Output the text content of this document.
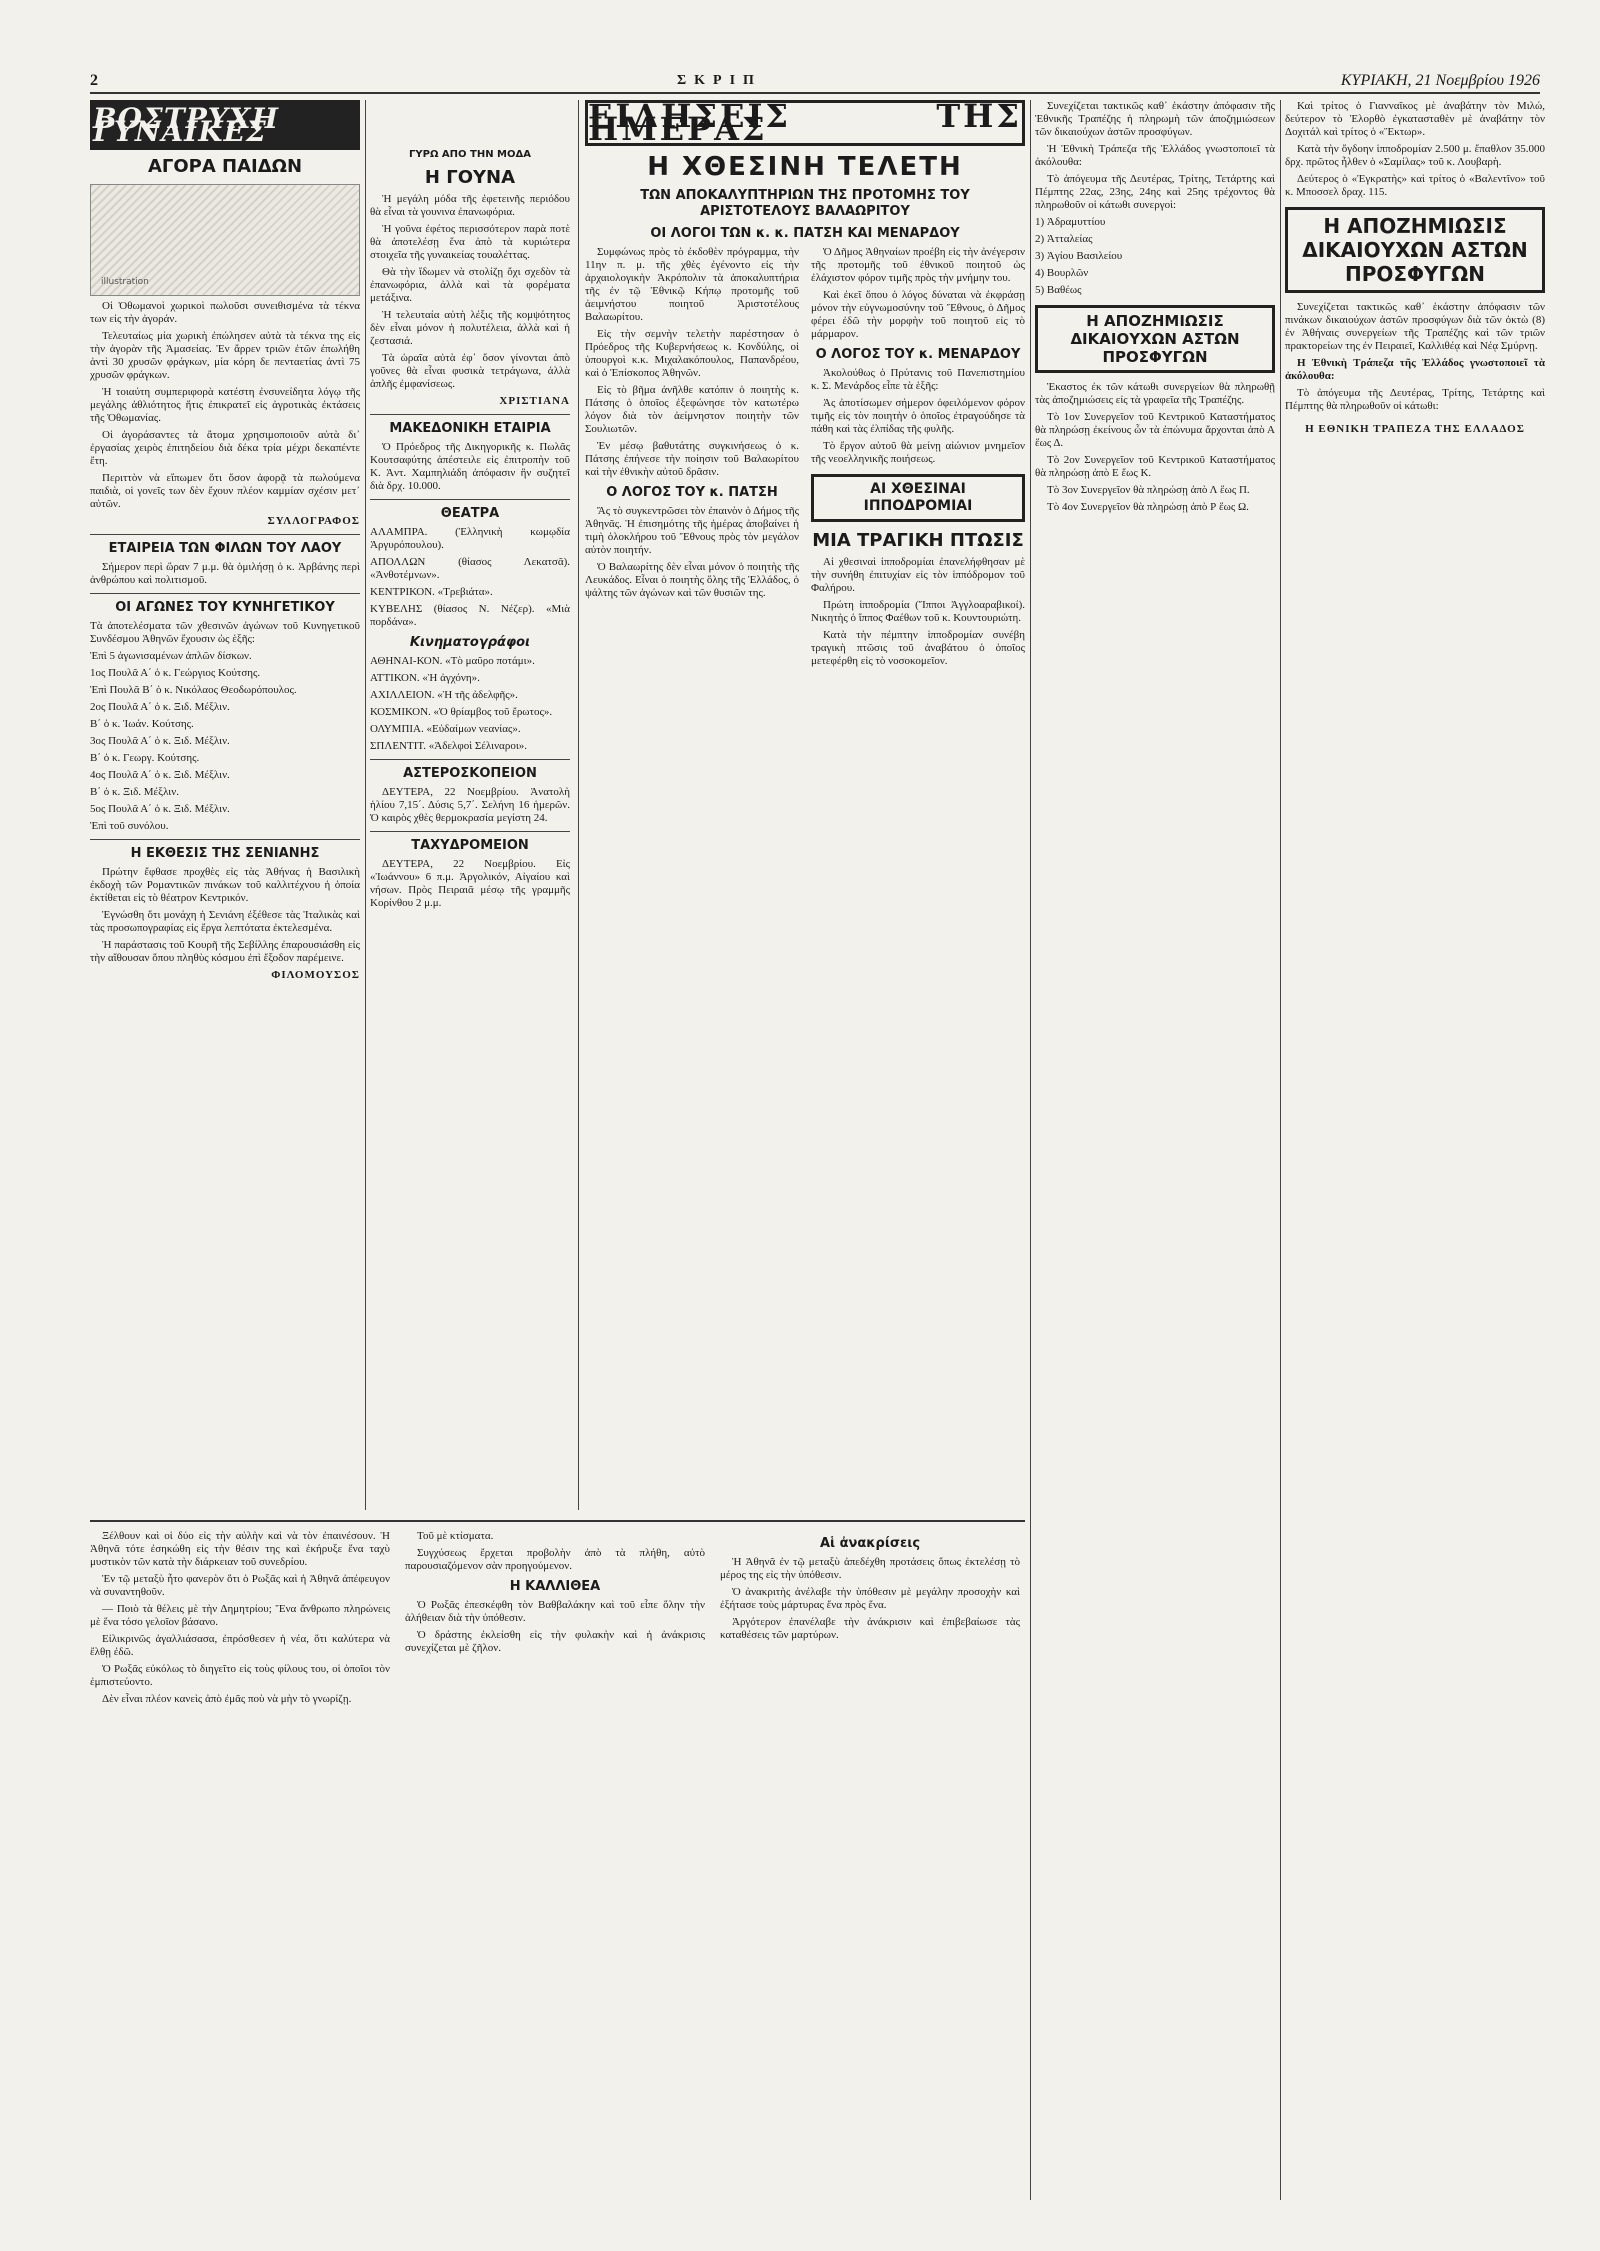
2	ΣΚΡΙΠ	ΚΥΡΙΑΚΗ, 21 Νοεμβρίου 1926
ΒΟΣΤΡΥΧΗ ΓΥΝΑΙΚΕΣ
ΑΓΟΡΑ ΠΑΙΔΩΝ
illustration

Οἱ Ὀθωμανοὶ χωρικοὶ πωλοῦσι συνειθισμένα τὰ τέκνα των εἰς τὴν ἀγοράν.

Τελευταίως μία χωρικὴ ἐπώλησεν αὐτὰ τὰ τέκνα της εἰς τὴν ἀγορὰν τῆς Ἀμασείας. Ἐν ἄρρεν τριῶν ἐτῶν ἐπωλήθη ἀντὶ 30 χρυσῶν φράγκων, μία κόρη δε πενταετίας ἀντὶ 75 χρυσῶν φράγκων.

Ἡ τοιαύτη συμπεριφορὰ κατέστη ἐνσυνείδητα λόγῳ τῆς μεγάλης ἀθλιότητος ἥτις ἐπικρατεῖ εἰς ἀγροτικὰς ἐκτάσεις τῆς Ὀθωμανίας.

Οἱ ἀγοράσαντες τὰ ἄτομα χρησιμοποιοῦν αὐτὰ δι᾽ ἐργασίας χειρὸς ἐπιτηδείου διὰ δέκα τρία μέχρι δεκαπέντε ἔτη.

Περιττὸν νὰ εἴπωμεν ὅτι ὅσον ἀφορᾷ τὰ πωλούμενα παιδιὰ, οἱ γονεῖς των δὲν ἔχουν πλέον καμμίαν σχέσιν μετ᾽ αὐτῶν.

ΣΥΛΛΟΓΡΑΦΟΣ
ΕΤΑΙΡΕΙΑ ΤΩΝ ΦΙΛΩΝ ΤΟΥ ΛΑΟΥ

Σήμερον περὶ ὥραν 7 μ.μ. θὰ ὁμιλήσῃ ὁ κ. Ἀρβάνης περὶ ἀνθρώπου καὶ πολιτισμοῦ.

ΟΙ ΑΓΩΝΕΣ ΤΟΥ ΚΥΝΗΓΕΤΙΚΟΥ

Τὰ ἀποτελέσματα τῶν χθεσινῶν ἀγώνων τοῦ Κυνηγετικοῦ Συνδέσμου Ἀθηνῶν ἔχουσιν ὡς ἑξῆς:

Ἐπὶ 5 ἀγωνισαμένων ἀπλῶν δίσκων.

1ος Πουλᾶ Α΄ ὁ κ. Γεώργιος Κούτσης.

Ἐπὶ Πουλᾶ Β΄ ὁ κ. Νικόλαος Θεοδωρόπουλος.

2ος Πουλᾶ Α΄ ὁ κ. Ξιδ. Μέξλιν.

Β΄ ὁ κ. Ἰωάν. Κούτσης.

3ος Πουλᾶ Α΄ ὁ κ. Ξιδ. Μέξλιν.

Β΄ ὁ κ. Γεωργ. Κούτσης.

4ος Πουλᾶ Α΄ ὁ κ. Ξιδ. Μέξλιν.

Β΄ ὁ κ. Ξιδ. Μέξλιν.

5ος Πουλᾶ Α΄ ὁ κ. Ξιδ. Μέξλιν.

Ἐπὶ τοῦ συνόλου.

Η ΕΚΘΕΣΙΣ ΤΗΣ ΣΕΝΙΑΝΗΣ

Πρώτην ἔφθασε προχθὲς εἰς τὰς Ἀθήνας ἡ Βασιλικὴ ἐκδοχὴ τῶν Ρομαντικῶν πινάκων τοῦ καλλιτέχνου ἡ ὁποία ἐκτίθεται εἰς τὸ θέατρον Κεντρικόν.

Ἐγνώσθη ὅτι μονάχη ἡ Σενιάνη ἐξέθεσε τὰς Ἰταλικὰς καὶ τὰς προσωπογραφίας εἰς ἔργα λεπτότατα ἐκτελεσμένα.

Ἡ παράστασις τοῦ Κουρῆ τῆς Σεβίλλης ἐπαρουσιάσθη εἰς τὴν αἴθουσαν ὅπου πληθὺς κόσμου ἐπὶ ἔξοδον παρέμεινε.

ΦΙΛΟΜΟΥΣΟΣ
ΓΥΡΩ ΑΠΟ ΤΗΝ ΜΟΔΑ
Η ΓΟΥΝΑ

Ἡ μεγάλη μόδα τῆς ἐφετεινῆς περιόδου θὰ εἶναι τὰ γουνινα ἐπανωφόρια.

Ἡ γοῦνα ἐφέτος περισσότερον παρὰ ποτὲ θὰ ἀποτελέσῃ ἕνα ἀπὸ τὰ κυριώτερα στοιχεῖα τῆς γυναικείας τουαλέττας.

Θὰ τὴν ἴδωμεν νὰ στολίζῃ ὄχι σχεδὸν τὰ ἐπανωφόρια, ἀλλὰ καὶ τὰ φορέματα μετάξινα.

Ἡ τελευταία αὐτὴ λέξις τῆς κομψότητος δὲν εἶναι μόνον ἡ πολυτέλεια, ἀλλὰ καὶ ἡ ζεστασιά.

Τὰ ὡραῖα αὐτὰ ἐφ᾽ ὅσον γίνονται ἀπὸ γοῦνες θὰ εἶναι φυσικὰ τετράγωνα, ἀλλὰ ἀπλῆς ἐμφανίσεως.

ΧΡΙΣΤΙΑΝΑ
ΜΑΚΕΔΟΝΙΚΗ ΕΤΑΙΡΙΑ

Ὁ Πρόεδρος τῆς Δικηγορικῆς κ. Πωλᾶς Κουτσαφύτης ἀπέστειλε εἰς ἐπιτροπὴν τοῦ Κ. Ἀντ. Χαμπηλιάδη ἀπόφασιν ἣν συζητεῖ διὰ δρχ. 10.000.

ΘΕΑΤΡΑ

ΑΛΑΜΠΡΑ. (Ἑλληνικὴ κωμῳδία Ἀργυρόπουλου).

ΑΠΟΛΛΩΝ (θίασος Λεκατσᾶ). «Ἀνθοτέμνων».

ΚΕΝΤΡΙΚΟΝ. «Τρεβιάτα».

ΚΥΒΕΛΗΣ (θίασος Ν. Νέζερ). «Μιὰ πορδάνα».

Κινηματογράφοι

ΑΘΗΝΑΙ-ΚΟΝ. «Τὸ μαῦρο ποτάμι».

ΑΤΤΙΚΟΝ. «Ἡ ἀγχόνη».

ΑΧΙΛΛΕΙΟΝ. «Ἡ τῆς ἀδελφῆς».

ΚΟΣΜΙΚΟΝ. «Ὁ θρίαμβος τοῦ ἔρωτος».

ΟΛΥΜΠΙΑ. «Εὐδαίμων νεανίας».

ΣΠΛΕΝΤΙΤ. «Ἀδελφοὶ Σέλιναροι».

ΑΣΤΕΡΟΣΚΟΠΕΙΟΝ

ΔΕΥΤΕΡΑ, 22 Νοεμβρίου. Ἀνατολὴ ἡλίου 7,15΄. Δύσις 5,7΄. Σελήνη 16 ἡμερῶν. Ὁ καιρὸς χθὲς θερμοκρασία μεγίστη 24.

ΤΑΧΥΔΡΟΜΕΙΟΝ

ΔΕΥΤΕΡΑ, 22 Νοεμβρίου. Εἰς «Ἰωάννου» 6 π.μ. Ἀργολικόν, Αἰγαίου καὶ νήσων. Πρὸς Πειραιᾶ μέσῳ τῆς γραμμῆς Κορίνθου 2 μ.μ.

ΕΙΔΗΣΕΙΣ ΤΗΣ ΗΜΕΡΑΣ
Η ΧΘΕΣΙΝΗ ΤΕΛΕΤΗ
ΤΩΝ ΑΠΟΚΑΛΥΠΤΗΡΙΩΝ ΤΗΣ ΠΡΟΤΟΜΗΣ ΤΟΥ ΑΡΙΣΤΟΤΕΛΟΥΣ ΒΑΛΑΩΡΙΤΟΥ
ΟΙ ΛΟΓΟΙ ΤΩΝ κ. κ. ΠΑΤΣΗ ΚΑΙ ΜΕΝΑΡΔΟΥ

Συμφώνως πρὸς τὸ ἐκδοθὲν πρόγραμμα, τὴν 11ην π. μ. τῆς χθὲς ἐγένοντο εἰς τὴν ἀρχαιολογικὴν Ἀκρόπολιν τὰ ἀποκαλυπτήρια τῆς ἐν τῷ Ἐθνικῷ Κήπῳ προτομῆς τοῦ ἀειμνήστου ποιητοῦ Ἀριστοτέλους Βαλαωρίτου.

Εἰς τὴν σεμνὴν τελετὴν παρέστησαν ὁ Πρόεδρος τῆς Κυβερνήσεως κ. Κονδύλης, οἱ ὑπουργοὶ κ.κ. Μιχαλακόπουλος, Παπανδρέου, καὶ ὁ Ἐπίσκοπος Ἀθηνῶν.

Εἰς τὸ βῆμα ἀνῆλθε κατόπιν ὁ ποιητὴς κ. Πάτσης ὁ ὁποῖος ἐξεφώνησε τὸν κατωτέρω λόγον διὰ τὸν ἀείμνηστον ποιητὴν τῶν Σουλιωτῶν.

Ἐν μέσῳ βαθυτάτης συγκινήσεως ὁ κ. Πάτσης ἐπήνεσε τὴν ποίησιν τοῦ Βαλαωρίτου καὶ τὴν ἐθνικὴν αὐτοῦ δρᾶσιν.

Ο ΛΟΓΟΣ ΤΟΥ κ. ΠΑΤΣΗ

Ἄς τὸ συγκεντρῶσει τὸν ἐπαινὸν ὁ Δήμος τῆς Ἀθηνᾶς. Ἡ ἐπισημότης τῆς ἡμέρας ἀποβαίνει ἡ τιμὴ ὁλοκλήρου τοῦ Ἔθνους πρὸς τὸν μεγάλον αὐτὸν ποιητήν.

Ὁ Βαλαωρίτης δὲν εἶναι μόνον ὁ ποιητὴς τῆς Λευκάδος. Εἶναι ὁ ποιητὴς ὅλης τῆς Ἑλλάδος, ὁ ψάλτης τῶν ἀγώνων καὶ τῶν θυσιῶν της.

Ὁ Δῆμος Ἀθηναίων προέβη εἰς τὴν ἀνέγερσιν τῆς προτομῆς τοῦ ἐθνικοῦ ποιητοῦ ὡς ἐλάχιστον φόρον τιμῆς πρὸς τὴν μνήμην του.

Καὶ ἐκεῖ ὅπου ὁ λόγος δύναται νὰ ἐκφράσῃ μόνον τὴν εὐγνωμοσύνην τοῦ Ἔθνους, ὁ Δῆμος φέρει ἐδῶ τὴν μορφὴν τοῦ ποιητοῦ εἰς τὸ μάρμαρον.

Ο ΛΟΓΟΣ ΤΟΥ κ. ΜΕΝΑΡΔΟΥ

Ἀκολούθως ὁ Πρύτανις τοῦ Πανεπιστημίου κ. Σ. Μενάρδος εἶπε τὰ ἑξῆς:

Ἀς ἀποτίσωμεν σήμερον ὀφειλόμενον φόρον τιμῆς εἰς τὸν ποιητὴν ὁ ὁποῖος ἐτραγούδησε τὰ πάθη καὶ τὰς ἐλπίδας τῆς φυλῆς.

Τὸ ἔργον αὐτοῦ θὰ μείνῃ αἰώνιον μνημεῖον τῆς νεοελληνικῆς ποιήσεως.

ΑΙ ΧΘΕΣΙΝΑΙ ΙΠΠΟΔΡΟΜΙΑΙ
ΜΙΑ ΤΡΑΓΙΚΗ ΠΤΩΣΙΣ

Αἱ χθεσιναὶ ἱπποδρομίαι ἐπανελήφθησαν μὲ τὴν συνήθη ἐπιτυχίαν εἰς τὸν ἱππόδρομον τοῦ Φαλήρου.

Πρώτη ἱπποδρομία (Ἵπποι Ἀγγλοαραβικοί). Νικητὴς ὁ ἵππος Φαέθων τοῦ κ. Κουντουριώτη.

Κατὰ τὴν πέμπτην ἱπποδρομίαν συνέβη τραγικὴ πτῶσις τοῦ ἀναβάτου ὁ ὁποῖος μετεφέρθη εἰς τὸ νοσοκομεῖον.

Συνεχίζεται τακτικῶς καθ᾽ ἑκάστην ἀπόφασιν τῆς Ἐθνικῆς Τραπέζης ἡ πληρωμὴ τῶν ἀποζημιώσεων τῶν δικαιούχων ἀστῶν προσφύγων.

Ἡ Ἐθνικὴ Τράπεζα τῆς Ἑλλάδος γνωστοποιεῖ τὰ ἀκόλουθα:

Τὸ ἀπόγευμα τῆς Δευτέρας, Τρίτης, Τετάρτης καὶ Πέμπτης 22ας, 23ης, 24ης καὶ 25ης τρέχοντος θὰ πληρωθοῦν οἱ κάτωθι συνεργοὶ:

1) Ἀδραμυττίου

2) Ἀτταλείας

3) Ἁγίου Βασιλείου

4) Βουρλῶν

5) Βαθέως

Η ΑΠΟΖΗΜΙΩΣΙΣ ΔΙΚΑΙΟΥΧΩΝ ΑΣΤΩΝ ΠΡΟΣΦΥΓΩΝ

Ἑκαστος ἐκ τῶν κάτωθι συνεργείων θὰ πληρωθῇ τὰς ἀποζημιώσεις εἰς τὰ γραφεῖα τῆς Τραπέζης.

Τὸ 1ον Συνεργεῖον τοῦ Κεντρικοῦ Καταστήματος θὰ πληρώσῃ ἐκείνους ὧν τὰ ἐπώνυμα ἄρχονται ἀπὸ Α ἕως Δ.

Τὸ 2ον Συνεργεῖον τοῦ Κεντρικοῦ Καταστήματος θὰ πληρώσῃ ἀπὸ Ε ἕως Κ.

Τὸ 3ον Συνεργεῖον θὰ πληρώσῃ ἀπὸ Λ ἕως Π.

Τὸ 4ον Συνεργεῖον θὰ πληρώσῃ ἀπὸ Ρ ἕως Ω.

Καὶ τρίτος ὁ Γιανναῖκος μὲ ἀναβάτην τὸν Μιλώ, δεύτερον τὸ Ἐλορθὸ ἐγκατασταθὲν μὲ ἀναβάτην τὸν Δοχιτάλ καὶ τρίτος ὁ «Ἕκτωρ».

Κατὰ τὴν ὄγδοην ἱπποδρομίαν 2.500 μ. ἔπαθλον 35.000 δρχ. πρῶτος ἦλθεν ὁ «Σαμίλας» τοῦ κ. Λουβαρὴ.

Δεύτερος ὁ «Ἐγκρατὴς» καὶ τρίτος ὁ «Βαλεντῖνο» τοῦ κ. Μποσσελ δραχ. 115.

Η ΑΠΟΖΗΜΙΩΣΙΣ ΔΙΚΑΙΟΥΧΩΝ ΑΣΤΩΝ ΠΡΟΣΦΥΓΩΝ

Συνεχίζεται τακτικῶς καθ᾽ ἑκάστην ἀπόφασιν τῶν πινάκων δικαιούχων ἀστῶν προσφύγων διὰ τῶν ὀκτὼ (8) ἐν Ἀθήναις συνεργείων τῆς Τραπέζης καὶ τῶν τριῶν πρακτορείων της ἐν Πειραιεῖ, Καλλιθέᾳ καὶ Νέᾳ Σμύρνῃ.

Η Ἐθνικὴ Τράπεζα τῆς Ἑλλάδος γνωστοποιεῖ τὰ ἀκόλουθα:

Τὸ ἀπόγευμα τῆς Δευτέρας, Τρίτης, Τετάρτης καὶ Πέμπτης θὰ πληρωθοῦν οἱ κάτωθι:

Η ΕΘΝΙΚΗ ΤΡΑΠΕΖΑ ΤΗΣ ΕΛΛΑΔΟΣ

Ξέλθουν καὶ οἱ δύο εἰς τὴν αὐλὴν καὶ νὰ τὸν ἐπαινέσουν. Ἡ Ἀθηνᾶ τότε ἐσηκώθη εἰς τὴν θέσιν της καὶ ἐκήρυξε ἕνα ταχὺ μυστικὸν τῶν κατὰ τὴν διάρκειαν τοῦ συνεδρίου.

Ἐν τῷ μεταξὺ ἦτο φανερὸν ὅτι ὁ Ρωξᾶς καὶ ἡ Ἀθηνᾶ ἀπέφευγον νὰ συναντηθοῦν.

— Ποιὸ τὰ θέλεις μὲ τὴν Δημητρίου; Ἕνα ἄνθρωπο πληρώνεις μὲ ἕνα τόσο γελοῖον βάσανο.

Εἰλικρινῶς ἀγαλλιάσασα, ἐπρόσθεσεν ἡ νέα, ὅτι καλύτερα νὰ ἔλθῃ ἐδῶ.

Ὁ Ρωξᾶς εὐκόλως τὸ διηγεῖτο εἰς τοὺς φίλους του, οἱ ὁποῖοι τὸν ἐμπιστεύοντο.

Δὲν εἶναι πλέον κανεὶς ἀπὸ ἐμᾶς ποὺ νὰ μὴν τὸ γνωρίζῃ.

Τοῦ μὲ κτίσματα.

Συγχύσεως ἔρχεται προβολὴν ἀπὸ τὰ πλήθη, αὐτὸ παρουσιαζόμενον σὰν προηγούμενον.

Η ΚΑΛΛΙΘΕΑ

Ὁ Ρωξᾶς ἐπεσκέφθη τὸν Βαθβαλάκην καὶ τοῦ εἶπε ὅλην τὴν ἀλήθειαν διὰ τὴν ὑπόθεσιν.

Ὁ δράστης ἐκλείσθη εἰς τὴν φυλακὴν καὶ ἡ ἀνάκρισις συνεχίζεται μὲ ζῆλον.

Αἱ ἀνακρίσεις

Ἡ Ἀθηνᾶ ἐν τῷ μεταξὺ ἀπεδέχθη προτάσεις ὅπως ἐκτελέσῃ τὸ μέρος της εἰς τὴν ὑπόθεσιν.

Ὁ ἀνακριτὴς ἀνέλαβε τὴν ὑπόθεσιν μὲ μεγάλην προσοχὴν καὶ ἐξήτασε τοὺς μάρτυρας ἕνα πρὸς ἕνα.

Ἀργότερον ἐπανέλαβε τὴν ἀνάκρισιν καὶ ἐπιβεβαίωσε τὰς καταθέσεις τῶν μαρτύρων.
